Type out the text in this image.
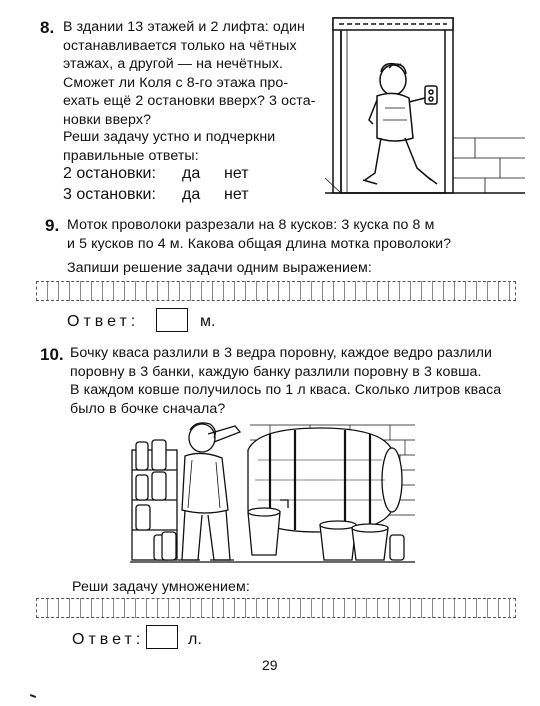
8. В здании 13 этажей и 2 лифта: один
останавливается только на чётных
этажах, а другой — на нечётных.
Сможет ли Коля с 8-го этажа про-
ехать ещё 2 остановки вверх? 3 оста-
новки вверх?
Реши задачу устно и подчеркни
правильные ответы:
2 остановки: да нет
3 остановки: да нет
9. Моток проволоки разрезали на 8 кусков: 3 куска по 8 м
и 5 кусков по 4 м. Какова общая длина мотка проволоки?
Запиши решение задачи одним выражением:
Ответ:	м.
10. Бочку кваса разлили в 3 ведра поровну, каждое ведро разлили
поровну в 3 банки, каждую банку разлили поровну в 3 ковша.
В каждом ковше получилось по 1 л кваса. Сколько литров кваса
было в бочке сначала?
Реши задачу умножением:
Ответ:	л.
29
